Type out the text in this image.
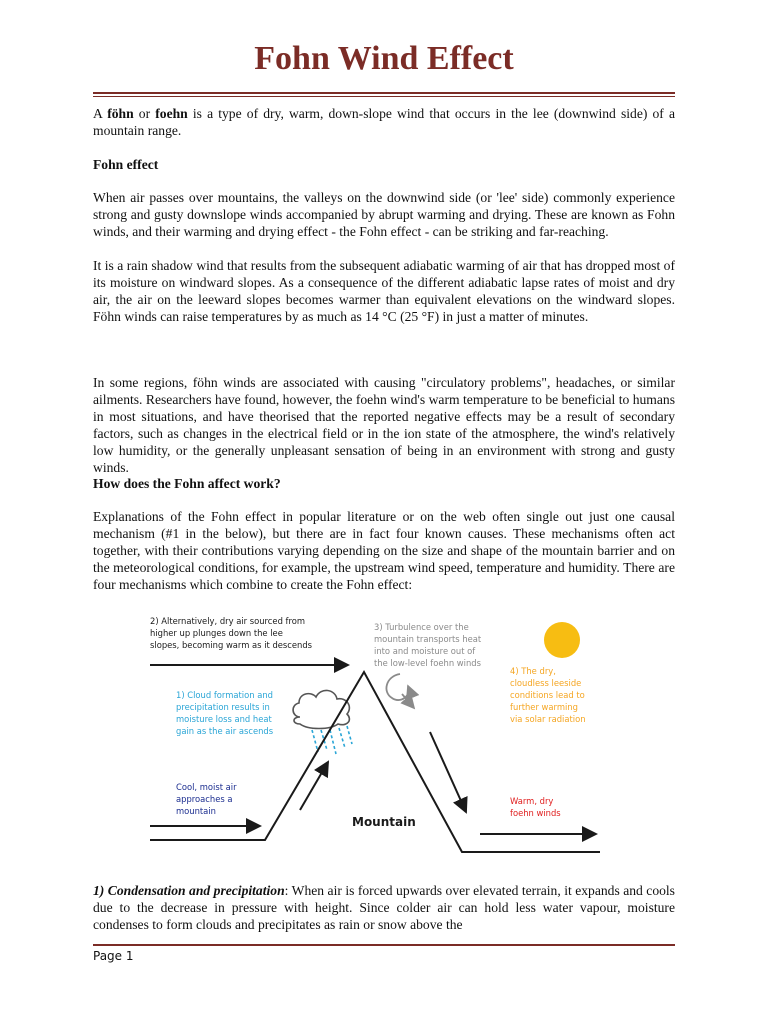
Fohn Wind Effect

A föhn or foehn is a type of dry, warm, down-slope wind that occurs in the lee (downwind side) of a mountain range.

Fohn effect

When air passes over mountains, the valleys on the downwind side (or 'lee' side) commonly experience strong and gusty downslope winds accompanied by abrupt warming and drying. These are known as Fohn winds, and their warming and drying effect - the Fohn effect - can be striking and far-reaching.

It is a rain shadow wind that results from the subsequent adiabatic warming of air that has dropped most of its moisture on windward slopes. As a consequence of the different adiabatic lapse rates of moist and dry air, the air on the leeward slopes becomes warmer than equivalent elevations on the windward slopes. Föhn winds can raise temperatures by as much as 14 °C (25 °F) in just a matter of minutes.

In some regions, föhn winds are associated with causing "circulatory problems", headaches, or similar ailments. Researchers have found, however, the foehn wind's warm temperature to be beneficial to humans in most situations, and have theorised that the reported negative effects may be a result of secondary factors, such as changes in the electrical field or in the ion state of the atmosphere, the wind's relatively low humidity, or the generally unpleasant sensation of being in an environment with strong and gusty winds.

How does the Fohn affect work?

Explanations of the Fohn effect in popular literature or on the web often single out just one causal mechanism (#1 in the below), but there are in fact four known causes. These mechanisms often act together, with their contributions varying depending on the size and shape of the mountain barrier and on the meteorological conditions, for example, the upstream wind speed, temperature and humidity. There are four mechanisms which combine to create the Fohn effect:

2) Alternatively, dry air sourced from
higher up plunges down the lee
slopes, becoming warm as it descends
3) Turbulence over the
mountain transports heat
into and moisture out of
the low-level foehn winds
4) The dry,
cloudless leeside
conditions lead to
further warming
via solar radiation
1) Cloud formation and
precipitation results in
moisture loss and heat
gain as the air ascends
Mountain
Cool, moist air
approaches a
mountain
Warm, dry
foehn winds

1) Condensation and precipitation: When air is forced upwards over elevated terrain, it expands and cools due to the decrease in pressure with height. Since colder air can hold less water vapour, moisture condenses to form clouds and precipitates as rain or snow above the

Page 1
